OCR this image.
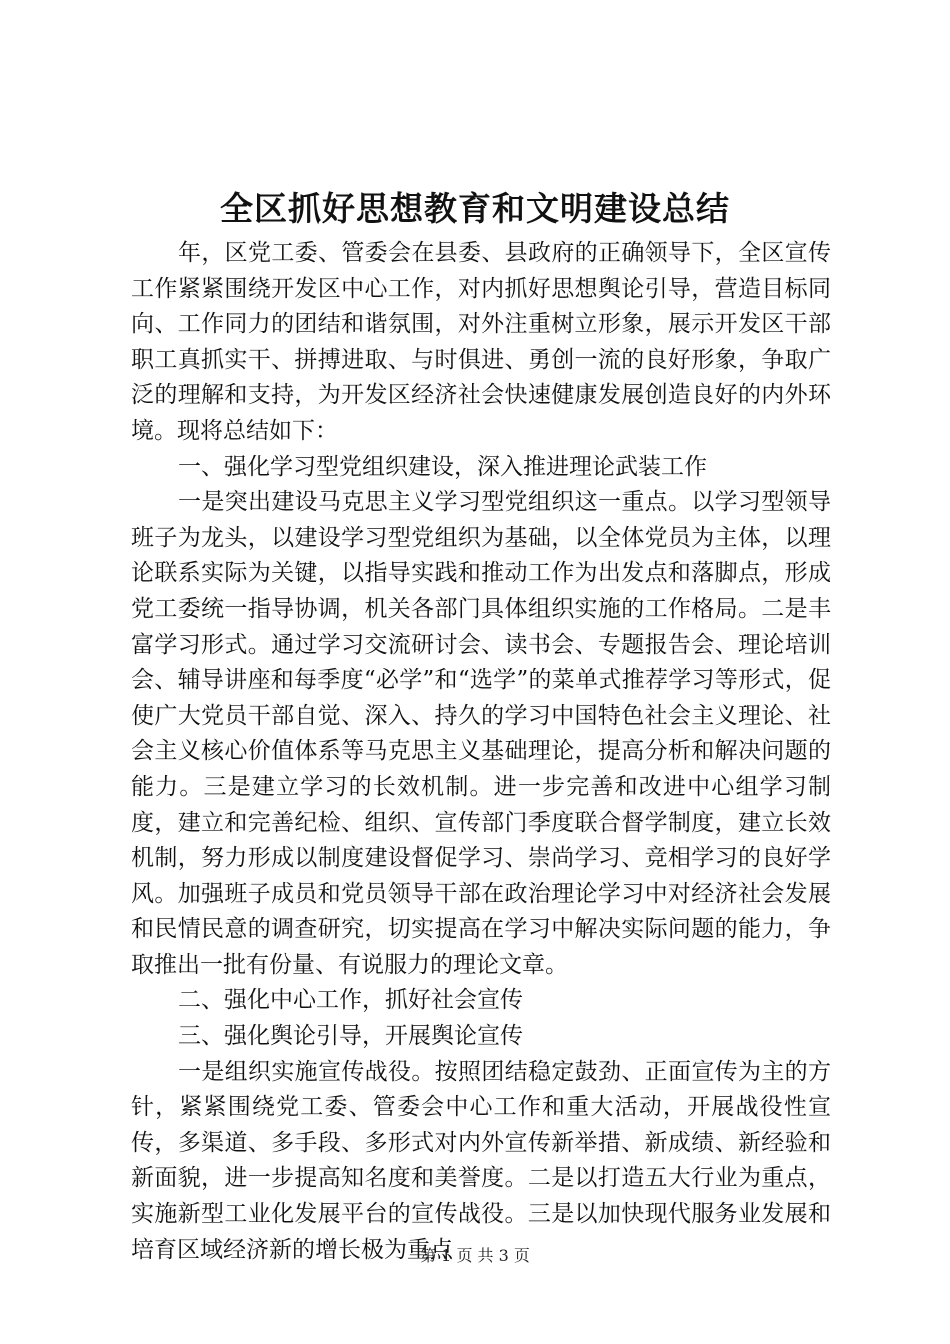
全区抓好思想教育和文明建设总结

年，区党工委、管委会在县委、县政府的正确领导下，全区宣传工作紧紧围绕开发区中心工作，对内抓好思想舆论引导，营造目标同向、工作同力的团结和谐氛围，对外注重树立形象，展示开发区干部职工真抓实干、拼搏进取、与时俱进、勇创一流的良好形象，争取广泛的理解和支持，为开发区经济社会快速健康发展创造良好的内外环境。现将总结如下：

一、强化学习型党组织建设，深入推进理论武装工作

一是突出建设马克思主义学习型党组织这一重点。以学习型领导班子为龙头，以建设学习型党组织为基础，以全体党员为主体，以理论联系实际为关键，以指导实践和推动工作为出发点和落脚点，形成党工委统一指导协调，机关各部门具体组织实施的工作格局。二是丰富学习形式。通过学习交流研讨会、读书会、专题报告会、理论培训会、辅导讲座和每季度“必学”和“选学”的菜单式推荐学习等形式，促使广大党员干部自觉、深入、持久的学习中国特色社会主义理论、社会主义核心价值体系等马克思主义基础理论，提高分析和解决问题的能力。三是建立学习的长效机制。进一步完善和改进中心组学习制度，建立和完善纪检、组织、宣传部门季度联合督学制度，建立长效机制，努力形成以制度建设督促学习、崇尚学习、竞相学习的良好学风。加强班子成员和党员领导干部在政治理论学习中对经济社会发展和民情民意的调查研究，切实提高在学习中解决实际问题的能力，争取推出一批有份量、有说服力的理论文章。

二、强化中心工作，抓好社会宣传

三、强化舆论引导，开展舆论宣传

一是组织实施宣传战役。按照团结稳定鼓劲、正面宣传为主的方针，紧紧围绕党工委、管委会中心工作和重大活动，开展战役性宣传，多渠道、多手段、多形式对内外宣传新举措、新成绩、新经验和新面貌，进一步提高知名度和美誉度。二是以打造五大行业为重点，实施新型工业化发展平台的宣传战役。三是以加快现代服务业发展和培育区域经济新的增长极为重点

第 1 页 共 3 页
